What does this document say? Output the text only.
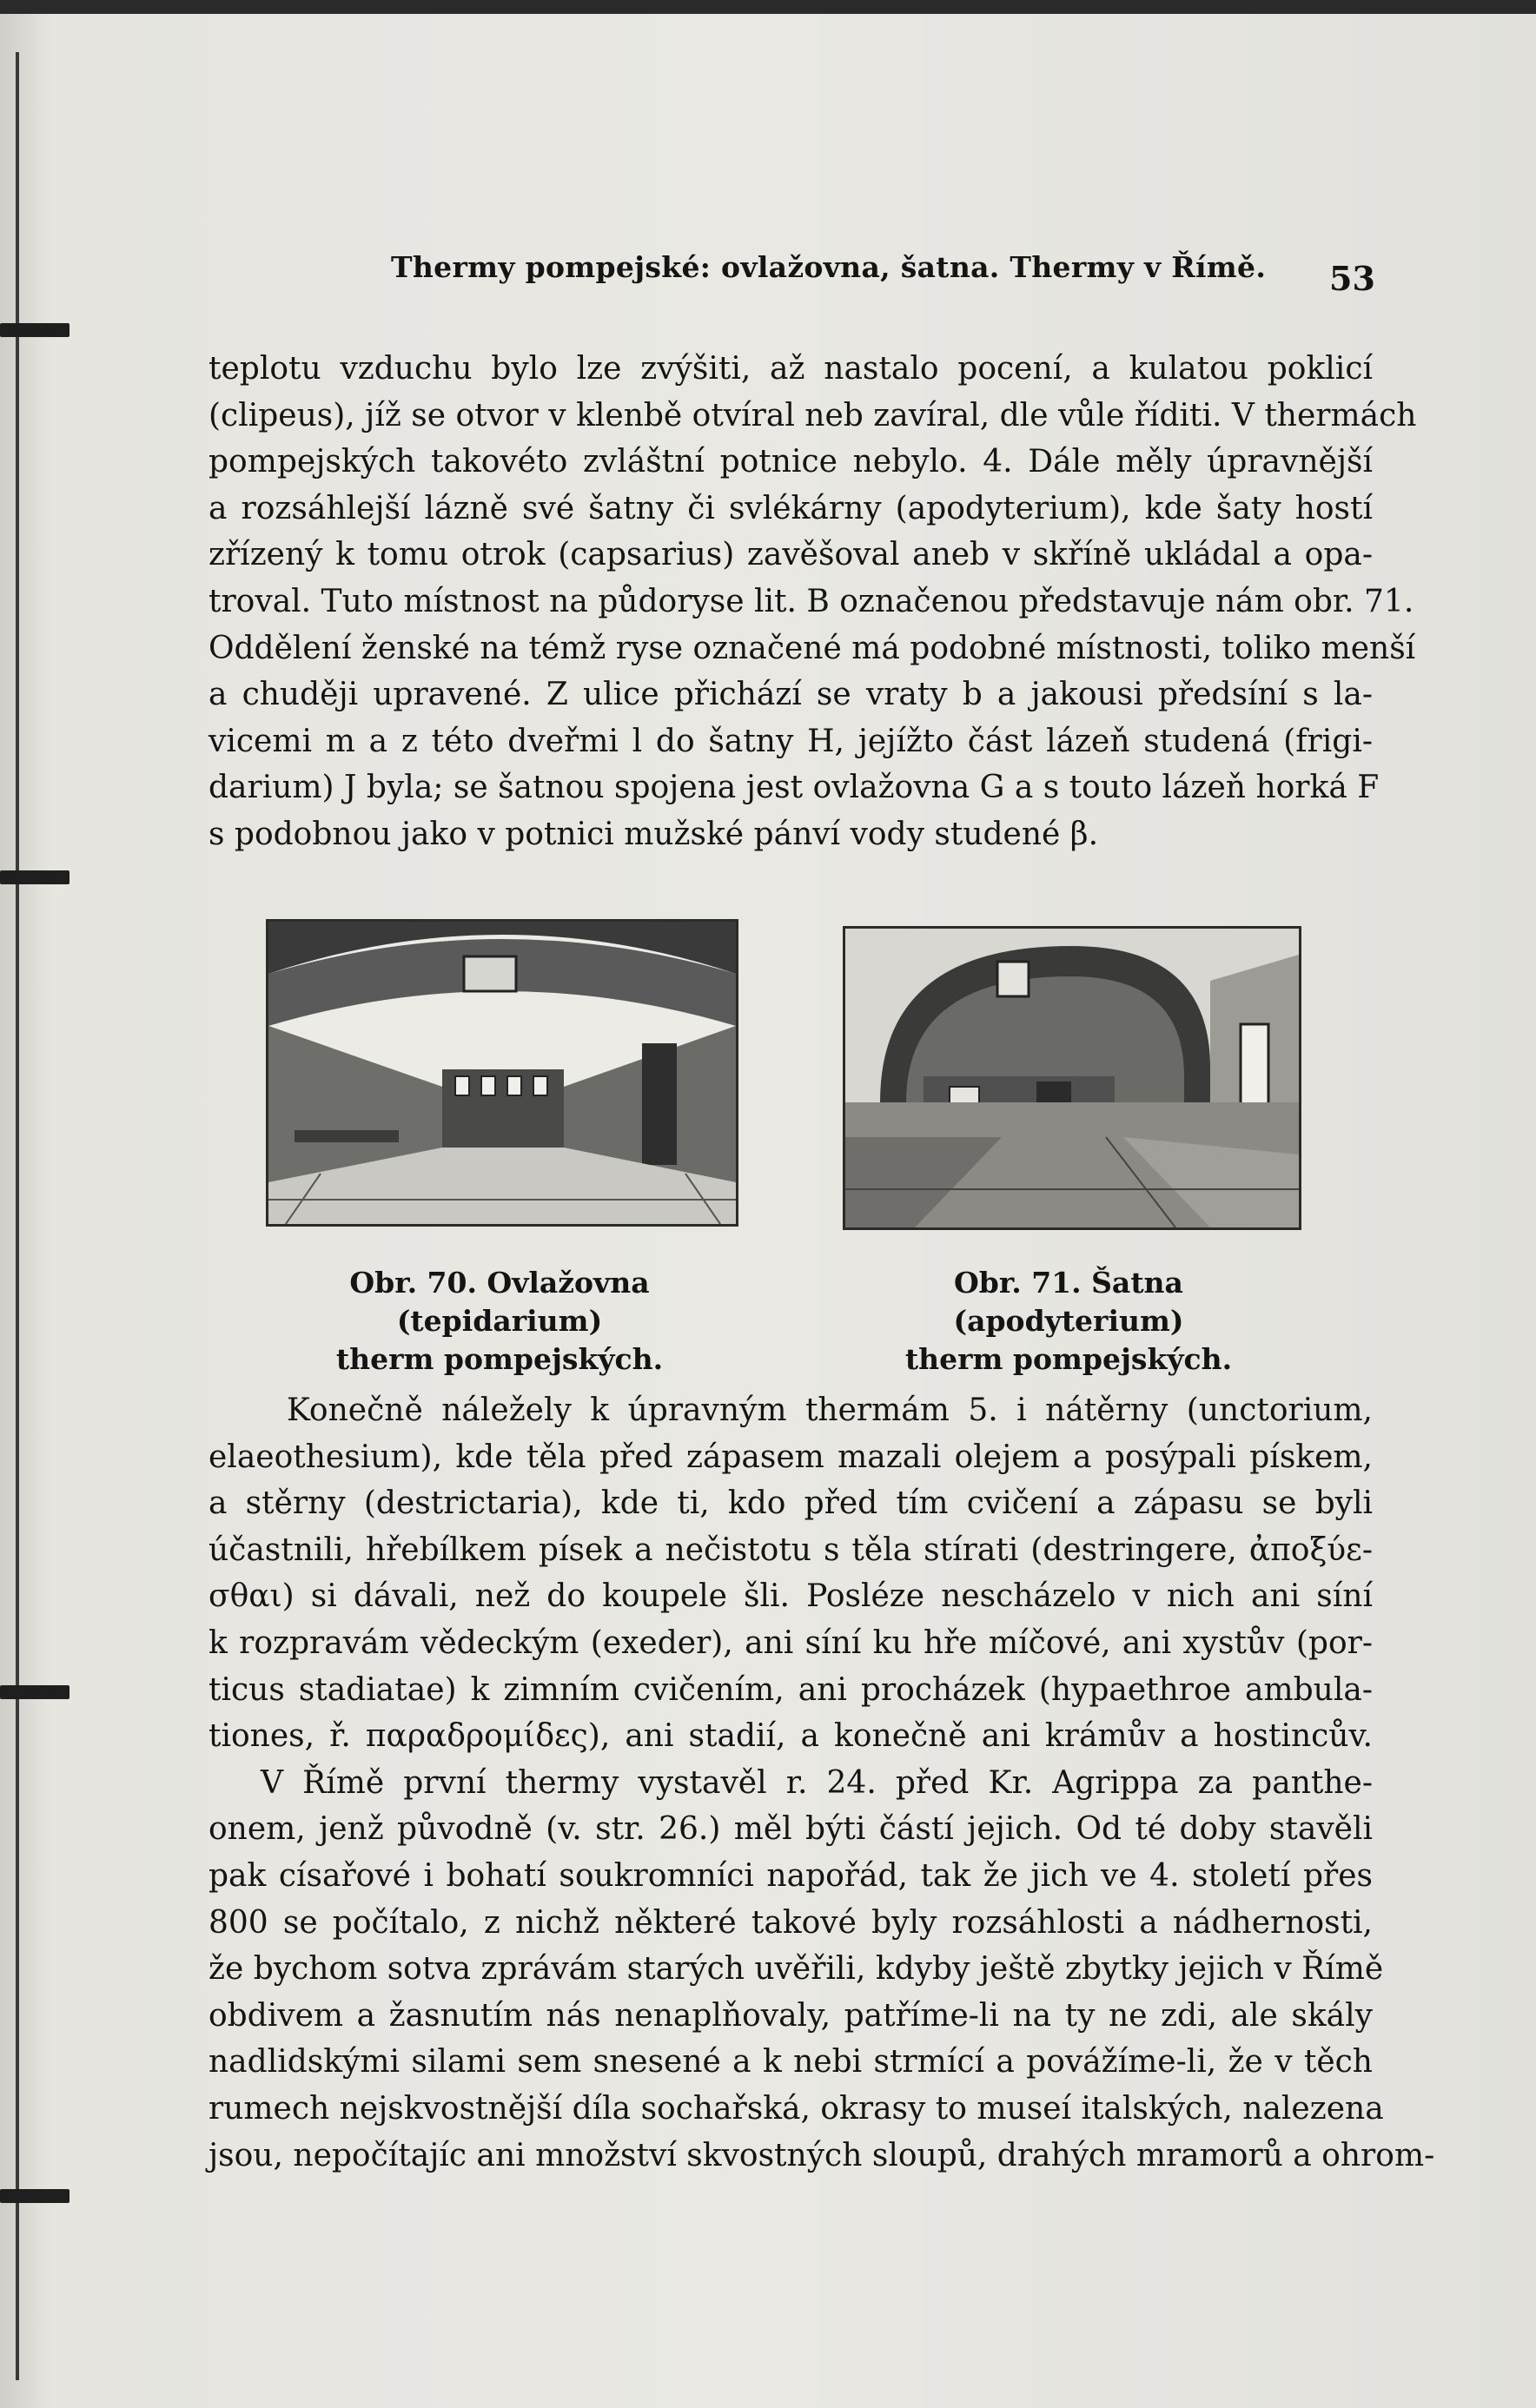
Thermy pompejské: ovlažovna, šatna. Thermy v Římě.	53
teplotu vzduchu bylo lze zvýšiti, až nastalo pocení, a kulatou poklicí
(clipeus), jíž se otvor v klenbě otvíral neb zavíral, dle vůle říditi. V thermách
pompejských takovéto zvláštní potnice nebylo. 4. Dále měly úpravnější
a rozsáhlejší lázně své šatny či svlékárny (apodyterium), kde šaty hostí
zřízený k tomu otrok (capsarius) zavěšoval aneb v skříně ukládal a opa-
troval. Tuto místnost na půdoryse lit. B označenou představuje nám obr. 71.
Oddělení ženské na témž ryse označené má podobné místnosti, toliko menší
a chuději upravené. Z ulice přichází se vraty b a jakousi předsíní s la-
vicemi m a z této dveřmi l do šatny H, jejížto část lázeň studená (frigi-
darium) J byla; se šatnou spojena jest ovlažovna G a s touto lázeň horká F
s podobnou jako v potnici mužské pánví vody studené β.
Obr. 70. Ovlažovna (tepidarium)
therm pompejských.
Obr. 71. Šatna (apodyterium)
therm pompejských.
Konečně náležely k úpravným thermám 5. i nátěrny (unctorium,
elaeothesium), kde těla před zápasem mazali olejem a posýpali pískem,
a stěrny (destrictaria), kde ti, kdo před tím cvičení a zápasu se byli
účastnili, hřebílkem písek a nečistotu s těla stírati (destringere, ἀποξύε-
σθαι) si dávali, než do koupele šli. Posléze nescházelo v nich ani síní
k rozpravám vědeckým (exeder), ani síní ku hře míčové, ani xystův (por-
ticus stadiatae) k zimním cvičením, ani procházek (hypaethroe ambula-
tiones, ř. παραδρομίδες), ani stadií, a konečně ani krámův a hostincův.
V Římě první thermy vystavěl r. 24. před Kr. Agrippa za panthe-
onem, jenž původně (v. str. 26.) měl býti částí jejich. Od té doby stavěli
pak císařové i bohatí soukromníci napořád, tak že jich ve 4. století přes
800 se počítalo, z nichž některé takové byly rozsáhlosti a nádhernosti,
že bychom sotva zprávám starých uvěřili, kdyby ještě zbytky jejich v Římě
obdivem a žasnutím nás nenaplňovaly, patříme-li na ty ne zdi, ale skály
nadlidskými silami sem snesené a k nebi strmící a povážíme-li, že v těch
rumech nejskvostnější díla sochařská, okrasy to museí italských, nalezena
jsou, nepočítajíc ani množství skvostných sloupů, drahých mramorů a ohrom-
